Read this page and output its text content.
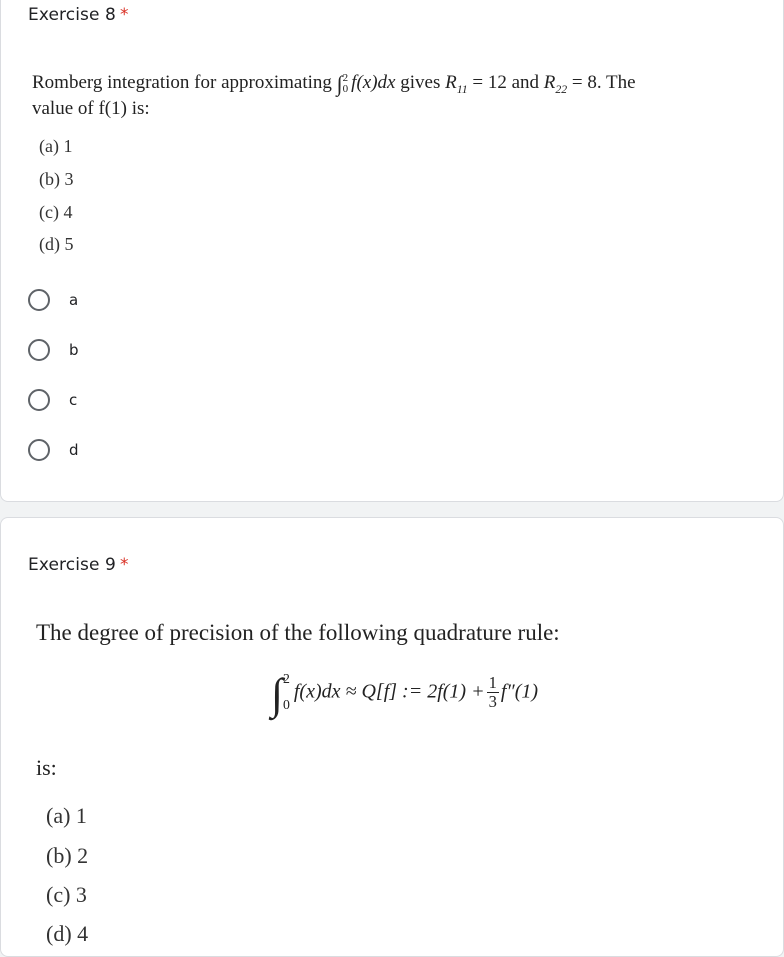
Exercise 8 *
Romberg integration for approximating ∫ 2
0 f(x)dx gives $R_{11} = 12$ and $R_{22} = 8$. The
value of f(1) is:
(a) 1
(b) 3
(c) 4
(d) 5
a
b
c
d
Exercise 9 *
The degree of precision of the following quadrature rule:
∫ 2
0
f(x)dx ≈ Q[f] := $2f(1) + \frac{1}{3} f''(1)$
is:
(a) 1
(b) 2
(c) 3
(d) 4
